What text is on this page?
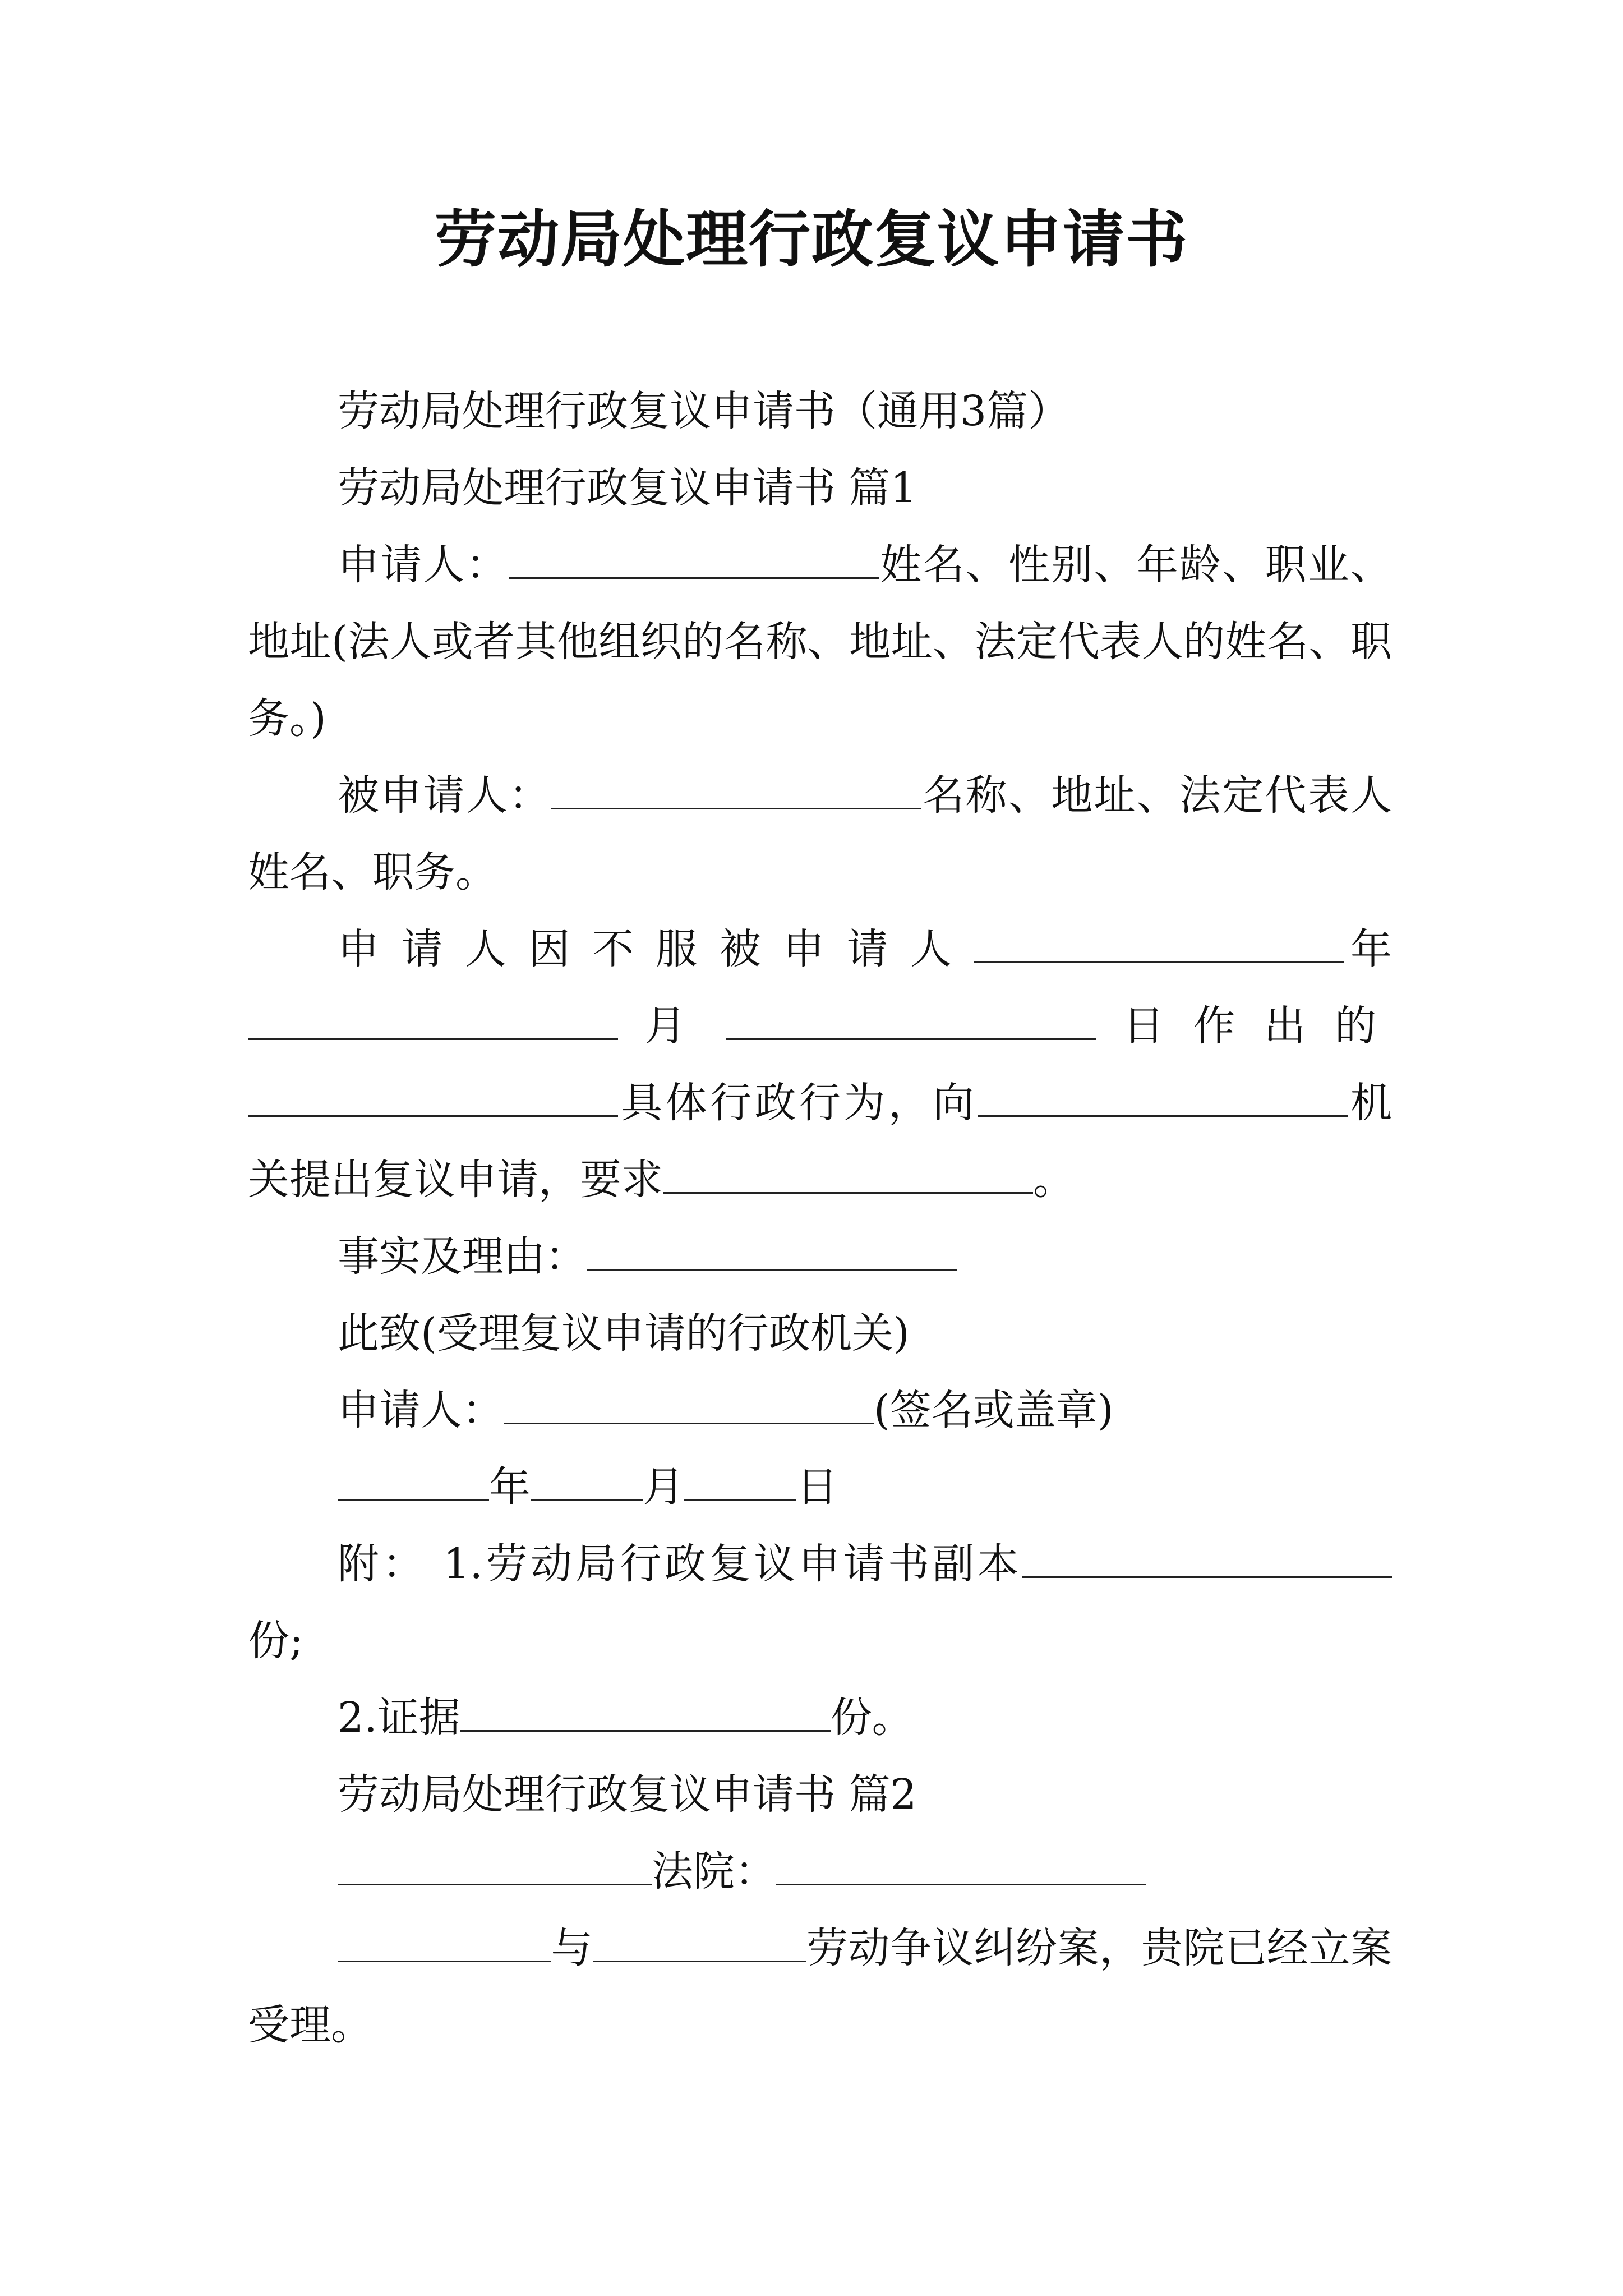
劳动局处理行政复议申请书

劳动局处理行政复议申请书（通用3篇）

劳动局处理行政复议申请书 篇1

申请人：	姓名、性别、年龄、职业、地址(法人或者其他组织的名称、地址、法定代表人的姓名、职务。)

被申请人：	名称、地址、法定代表人姓名、职务。

申请人因不服被申请人	年 月	日作出的具体行政行为，向	机关提出复议申请，要求	。

事实及理由：

此致(受理复议申请的行政机关)

申请人：	(签名或盖章)

年	月	日

附： 1.劳动局行政复议申请书副本份;

2.证据	份。

劳动局处理行政复议申请书 篇2

法院：

与	劳动争议纠纷案，贵院已经立案受理。
